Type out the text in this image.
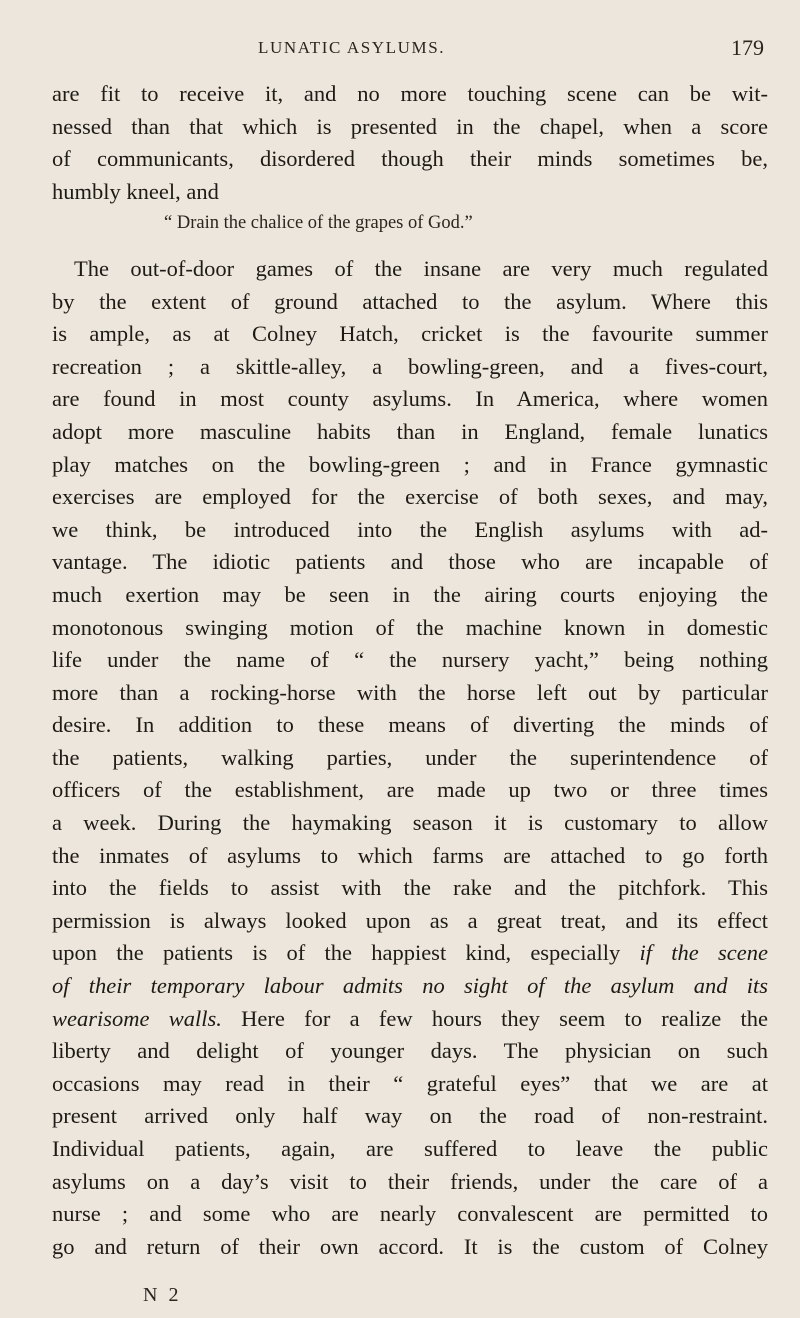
LUNATIC ASYLUMS.	179
are fit to receive it, and no more touching scene can be wit-
nessed than that which is presented in the chapel, when a score
of communicants, disordered though their minds sometimes be,
humbly kneel, and
“ Drain the chalice of the grapes of God.”
The out-of-door games of the insane are very much regulated
by the extent of ground attached to the asylum. Where this
is ample, as at Colney Hatch, cricket is the favourite summer
recreation ; a skittle-alley, a bowling-green, and a fives-court,
are found in most county asylums. In America, where women
adopt more masculine habits than in England, female lunatics
play matches on the bowling-green ; and in France gymnastic
exercises are employed for the exercise of both sexes, and may,
we think, be introduced into the English asylums with ad-
vantage. The idiotic patients and those who are incapable of
much exertion may be seen in the airing courts enjoying the
monotonous swinging motion of the machine known in domestic
life under the name of “ the nursery yacht,” being nothing
more than a rocking-horse with the horse left out by particular
desire. In addition to these means of diverting the minds of
the patients, walking parties, under the superintendence of
officers of the establishment, are made up two or three times
a week. During the haymaking season it is customary to allow
the inmates of asylums to which farms are attached to go forth
into the fields to assist with the rake and the pitchfork. This
permission is always looked upon as a great treat, and its effect
upon the patients is of the happiest kind, especially if the scene
of their temporary labour admits no sight of the asylum and its
wearisome walls. Here for a few hours they seem to realize the
liberty and delight of younger days. The physician on such
occasions may read in their “ grateful eyes” that we are at
present arrived only half way on the road of non-restraint.
Individual patients, again, are suffered to leave the public
asylums on a day’s visit to their friends, under the care of a
nurse ; and some who are nearly convalescent are permitted to
go and return of their own accord. It is the custom of Colney
N 2
